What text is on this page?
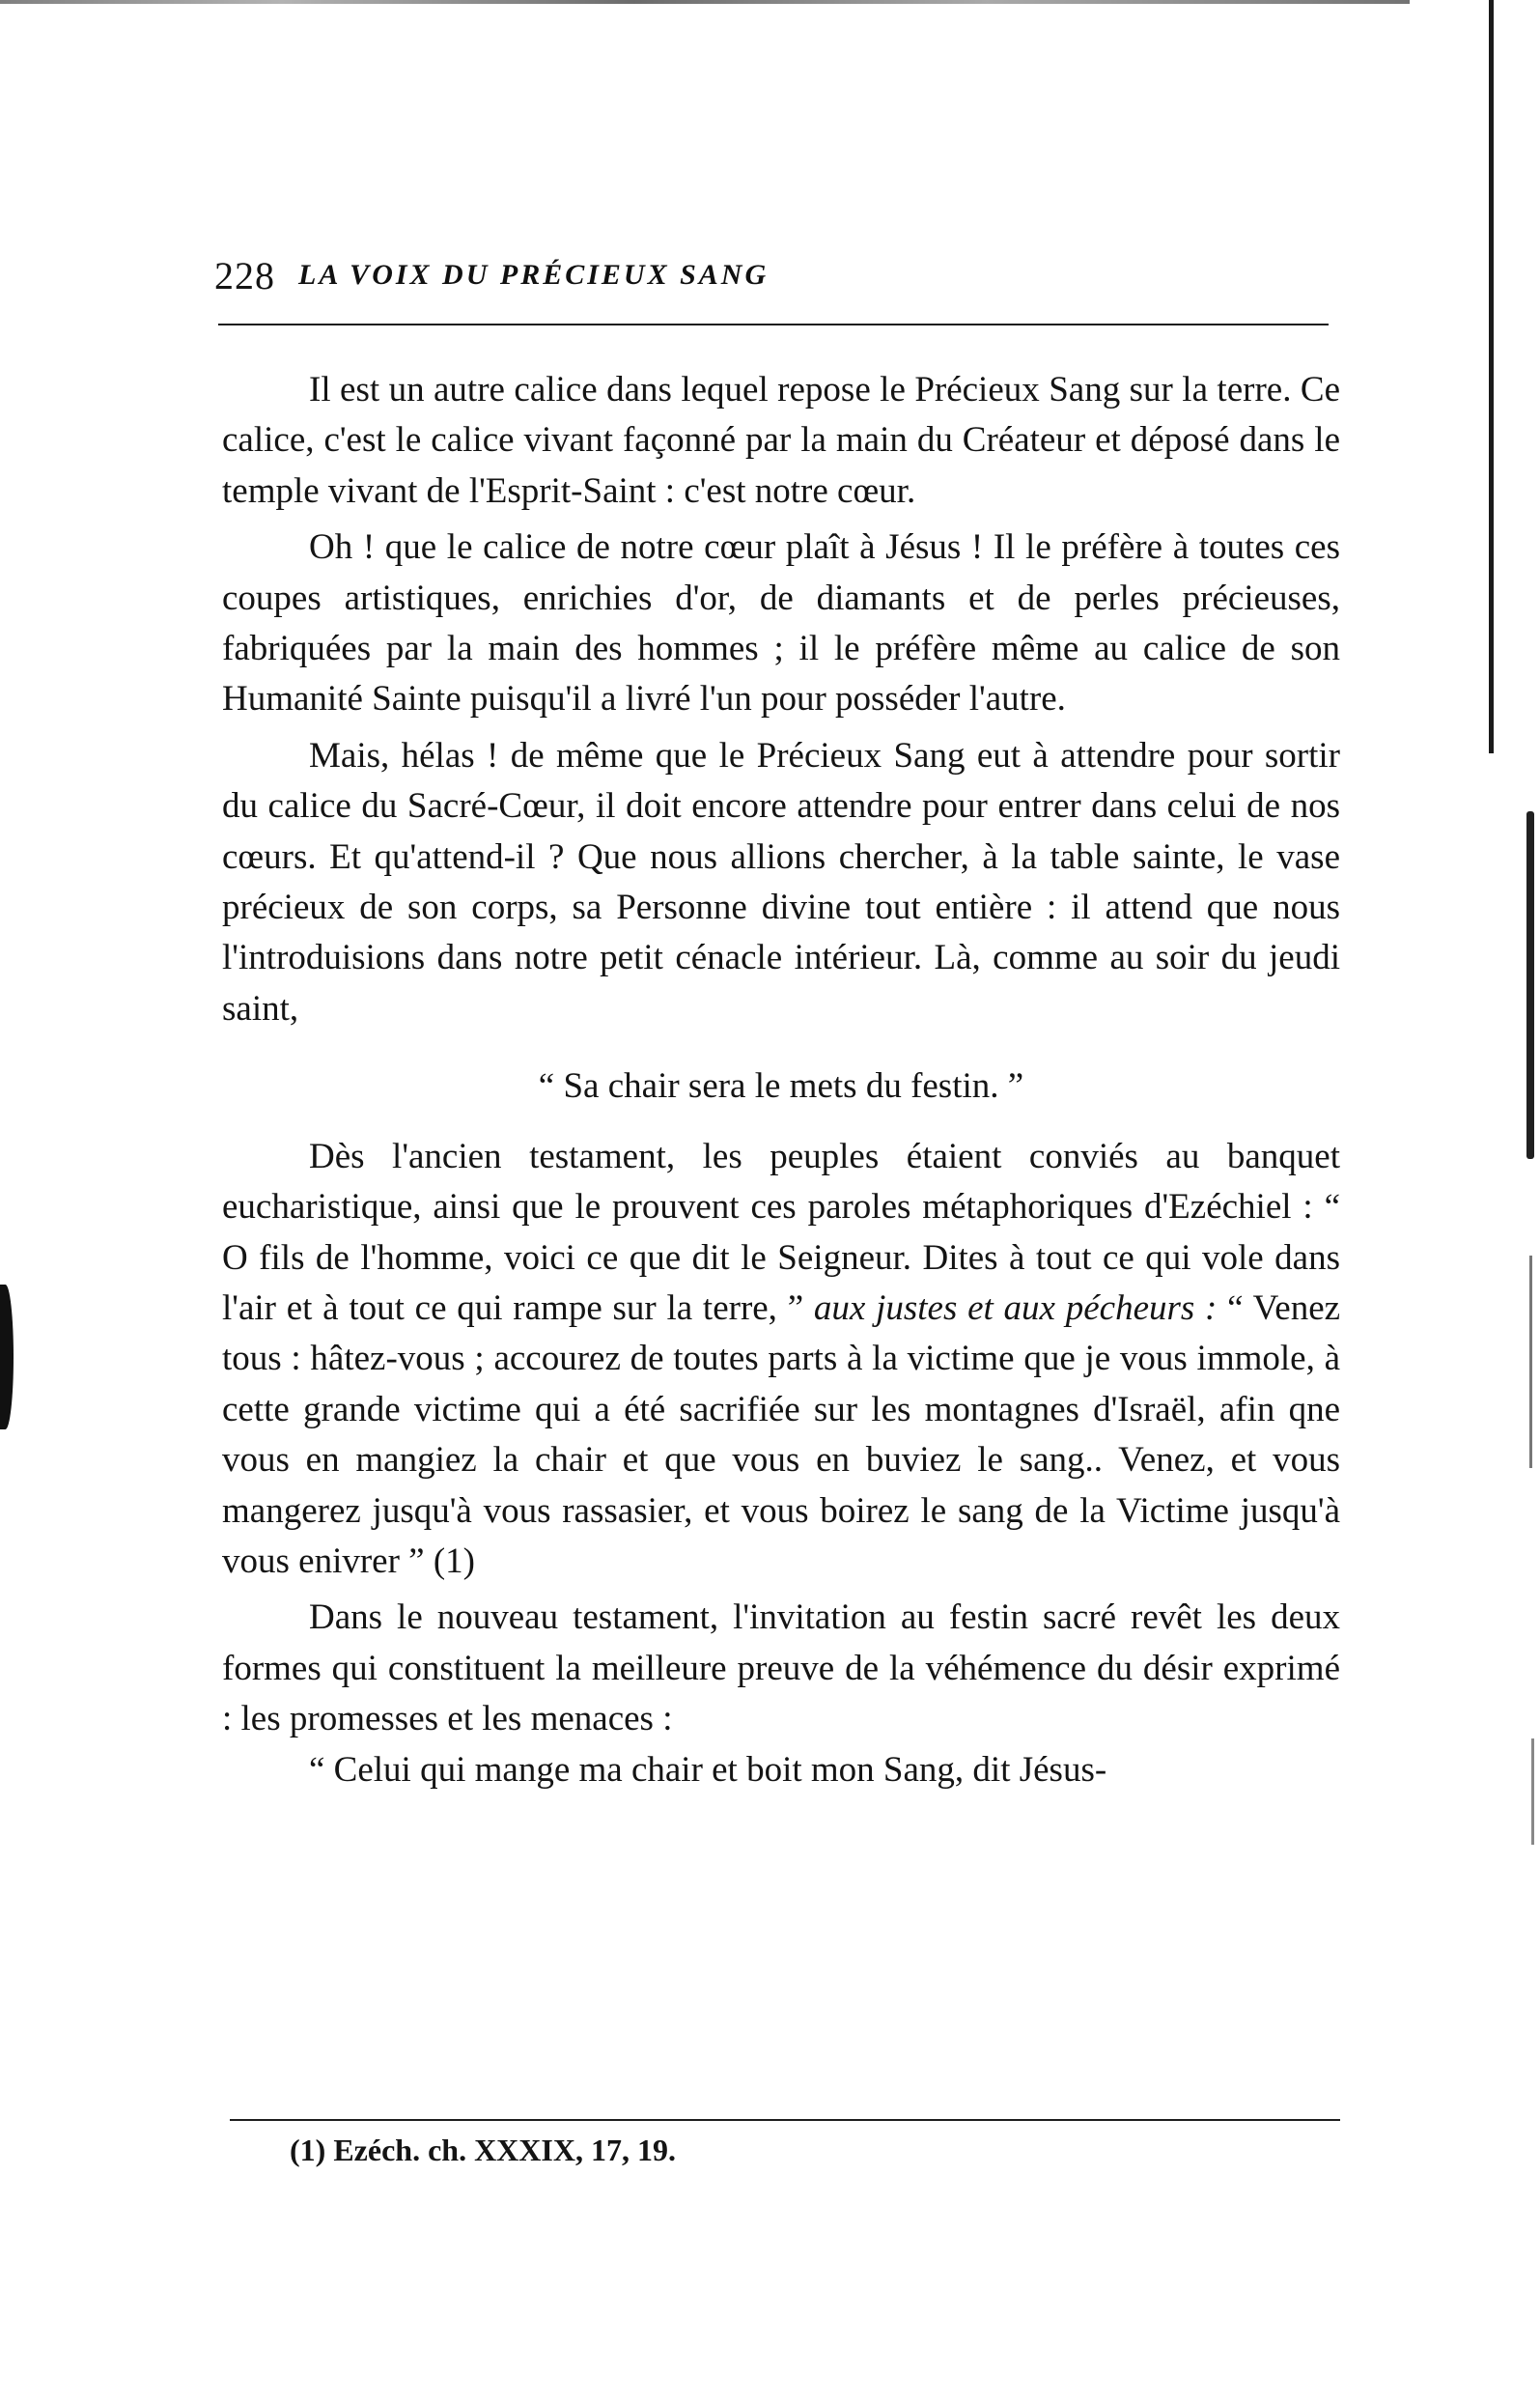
228 LA VOIX DU PRÉCIEUX SANG

Il est un autre calice dans lequel repose le Précieux Sang sur la terre. Ce calice, c'est le calice vivant façonné par la main du Créateur et déposé dans le temple vivant de l'Esprit-Saint : c'est notre cœur.

Oh ! que le calice de notre cœur plaît à Jésus ! Il le préfère à toutes ces coupes artistiques, enrichies d'or, de diamants et de perles précieuses, fabriquées par la main des hommes ; il le préfère même au calice de son Humanité Sainte puisqu'il a livré l'un pour posséder l'autre.

Mais, hélas ! de même que le Précieux Sang eut à attendre pour sortir du calice du Sacré-Cœur, il doit encore attendre pour entrer dans celui de nos cœurs. Et qu'attend-il ? Que nous allions chercher, à la table sainte, le vase précieux de son corps, sa Personne divine tout entière : il attend que nous l'introduisions dans notre petit cénacle intérieur. Là, comme au soir du jeudi saint,

“ Sa chair sera le mets du festin. ”

Dès l'ancien testament, les peuples étaient conviés au banquet eucharistique, ainsi que le prouvent ces paroles métaphoriques d'Ezéchiel : “ O fils de l'homme, voici ce que dit le Seigneur. Dites à tout ce qui vole dans l'air et à tout ce qui rampe sur la terre, ” aux justes et aux pécheurs : “ Venez tous : hâtez-vous ; accourez de toutes parts à la victime que je vous immole, à cette grande victime qui a été sacrifiée sur les montagnes d'Israël, afin qne vous en mangiez la chair et que vous en buviez le sang.. Venez, et vous mangerez jusqu'à vous rassasier, et vous boirez le sang de la Victime jusqu'à vous enivrer ” (1)

Dans le nouveau testament, l'invitation au festin sacré revêt les deux formes qui constituent la meilleure preuve de la véhémence du désir exprimé : les promesses et les menaces :

“ Celui qui mange ma chair et boit mon Sang, dit Jésus-

(1) Ezéch. ch. XXXIX, 17, 19.
